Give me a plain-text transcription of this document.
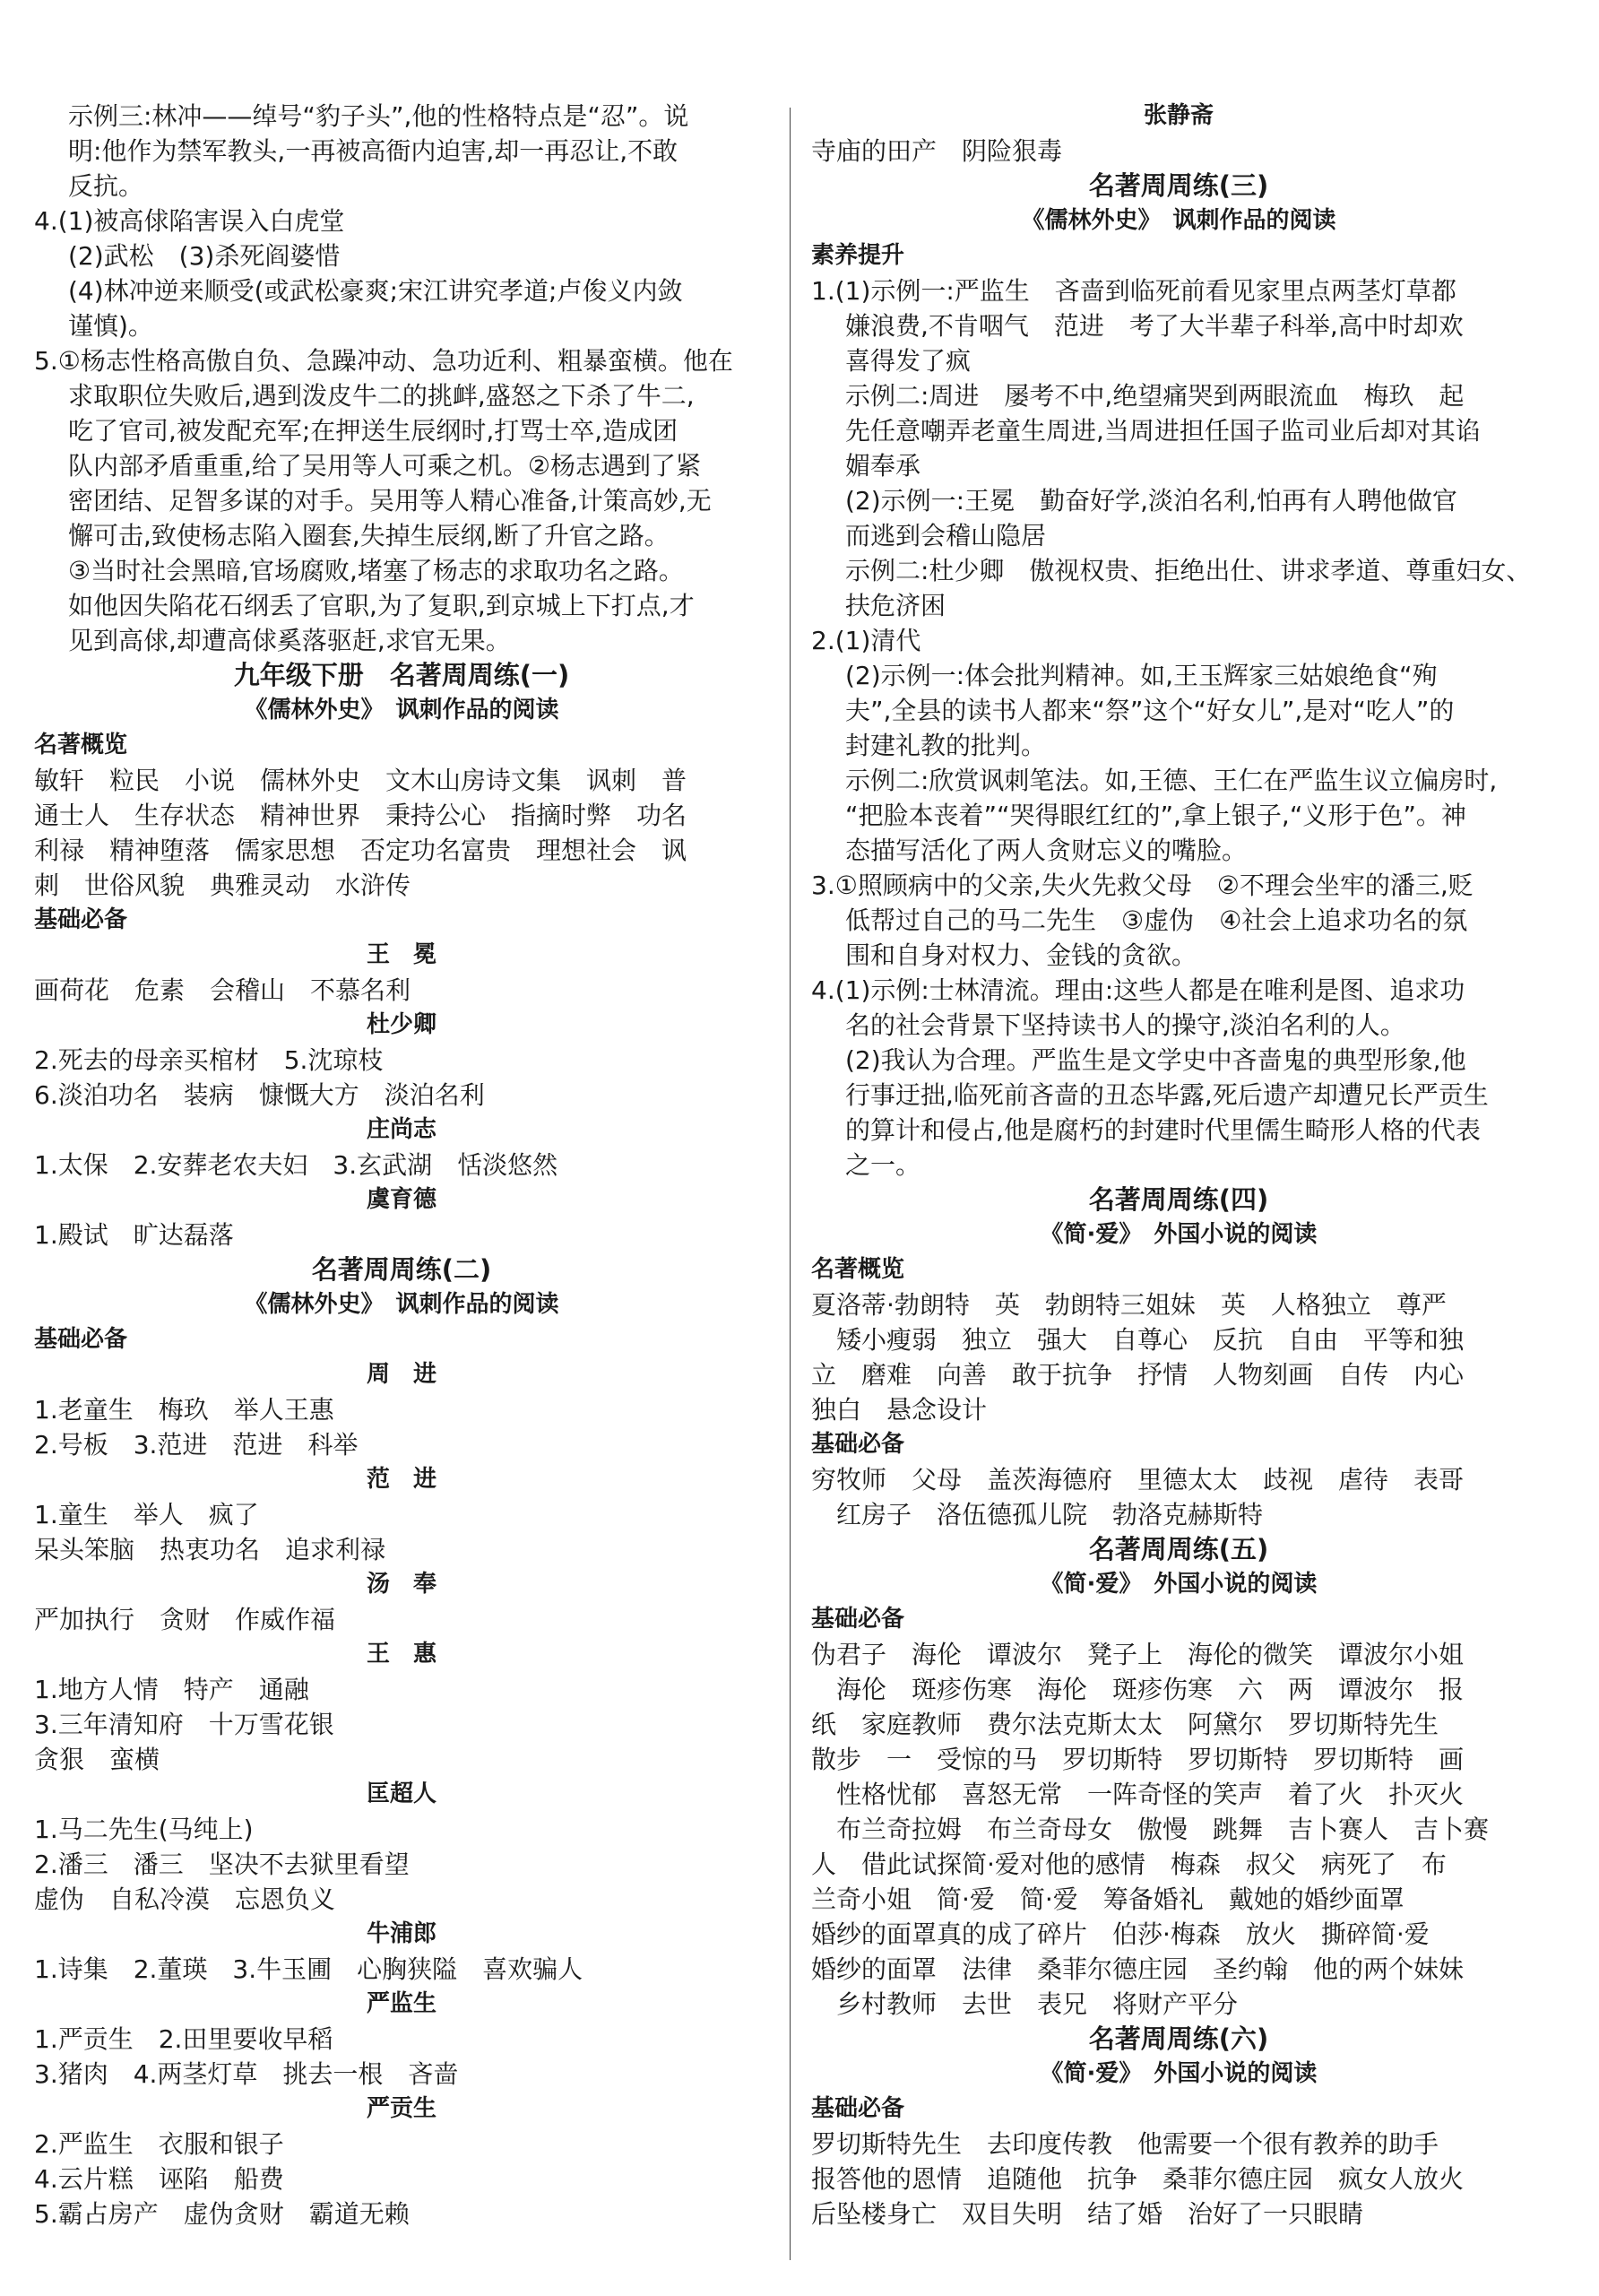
示例三:林冲——绰号“豹子头”,他的性格特点是“忍”。说
明:他作为禁军教头,一再被高衙内迫害,却一再忍让,不敢
反抗。
4.(1)被高俅陷害误入白虎堂
(2)武松　(3)杀死阎婆惜
(4)林冲逆来顺受(或武松豪爽;宋江讲究孝道;卢俊义内敛
谨慎)。
5.①杨志性格高傲自负、急躁冲动、急功近利、粗暴蛮横。他在
求取职位失败后,遇到泼皮牛二的挑衅,盛怒之下杀了牛二,
吃了官司,被发配充军;在押送生辰纲时,打骂士卒,造成团
队内部矛盾重重,给了吴用等人可乘之机。②杨志遇到了紧
密团结、足智多谋的对手。吴用等人精心准备,计策高妙,无
懈可击,致使杨志陷入圈套,失掉生辰纲,断了升官之路。
③当时社会黑暗,官场腐败,堵塞了杨志的求取功名之路。
如他因失陷花石纲丢了官职,为了复职,到京城上下打点,才
见到高俅,却遭高俅奚落驱赶,求官无果。
九年级下册　名著周周练(一)
《儒林外史》　讽刺作品的阅读
名著概览
敏轩　粒民　小说　儒林外史　文木山房诗文集　讽刺　普
通士人　生存状态　精神世界　秉持公心　指摘时弊　功名
利禄　精神堕落　儒家思想　否定功名富贵　理想社会　讽
刺　世俗风貌　典雅灵动　水浒传
基础必备
王　冕
画荷花　危素　会稽山　不慕名利
杜少卿
2.死去的母亲买棺材　5.沈琼枝
6.淡泊功名　装病　慷慨大方　淡泊名利
庄尚志
1.太保　2.安葬老农夫妇　3.玄武湖　恬淡悠然
虞育德
1.殿试　旷达磊落
名著周周练(二)
《儒林外史》　讽刺作品的阅读
基础必备
周　进
1.老童生　梅玖　举人王惠
2.号板　3.范进　范进　科举
范　进
1.童生　举人　疯了
呆头笨脑　热衷功名　追求利禄
汤　奉
严加执行　贪财　作威作福
王　惠
1.地方人情　特产　通融
3.三年清知府　十万雪花银
贪狠　蛮横
匡超人
1.马二先生(马纯上)
2.潘三　潘三　坚决不去狱里看望
虚伪　自私冷漠　忘恩负义
牛浦郎
1.诗集　2.董瑛　3.牛玉圃　心胸狭隘　喜欢骗人
严监生
1.严贡生　2.田里要收早稻
3.猪肉　4.两茎灯草　挑去一根　吝啬
严贡生
2.严监生　衣服和银子
4.云片糕　诬陷　船费
5.霸占房产　虚伪贪财　霸道无赖
张静斋
寺庙的田产　阴险狠毒
名著周周练(三)
《儒林外史》　讽刺作品的阅读
素养提升
1.(1)示例一:严监生　吝啬到临死前看见家里点两茎灯草都
嫌浪费,不肯咽气　范进　考了大半辈子科举,高中时却欢
喜得发了疯
示例二:周进　屡考不中,绝望痛哭到两眼流血　梅玖　起
先任意嘲弄老童生周进,当周进担任国子监司业后却对其谄
媚奉承
(2)示例一:王冕　勤奋好学,淡泊名利,怕再有人聘他做官
而逃到会稽山隐居
示例二:杜少卿　傲视权贵、拒绝出仕、讲求孝道、尊重妇女、
扶危济困
2.(1)清代
(2)示例一:体会批判精神。如,王玉辉家三姑娘绝食“殉
夫”,全县的读书人都来“祭”这个“好女儿”,是对“吃人”的
封建礼教的批判。
示例二:欣赏讽刺笔法。如,王德、王仁在严监生议立偏房时,
“把脸本丧着”“哭得眼红红的”,拿上银子,“义形于色”。神
态描写活化了两人贪财忘义的嘴脸。
3.①照顾病中的父亲,失火先救父母　②不理会坐牢的潘三,贬
低帮过自己的马二先生　③虚伪　④社会上追求功名的氛
围和自身对权力、金钱的贪欲。
4.(1)示例:士林清流。理由:这些人都是在唯利是图、追求功
名的社会背景下坚持读书人的操守,淡泊名利的人。
(2)我认为合理。严监生是文学史中吝啬鬼的典型形象,他
行事迂拙,临死前吝啬的丑态毕露,死后遗产却遭兄长严贡生
的算计和侵占,他是腐朽的封建时代里儒生畸形人格的代表
之一。
名著周周练(四)
《简·爱》　外国小说的阅读
名著概览
夏洛蒂·勃朗特　英　勃朗特三姐妹　英　人格独立　尊严
　矮小瘦弱　独立　强大　自尊心　反抗　自由　平等和独
立　磨难　向善　敢于抗争　抒情　人物刻画　自传　内心
独白　悬念设计
基础必备
穷牧师　父母　盖茨海德府　里德太太　歧视　虐待　表哥
　红房子　洛伍德孤儿院　勃洛克赫斯特
名著周周练(五)
《简·爱》　外国小说的阅读
基础必备
伪君子　海伦　谭波尔　凳子上　海伦的微笑　谭波尔小姐
　海伦　斑疹伤寒　海伦　斑疹伤寒　六　两　谭波尔　报
纸　家庭教师　费尔法克斯太太　阿黛尔　罗切斯特先生
散步　一　受惊的马　罗切斯特　罗切斯特　罗切斯特　画
　性格忧郁　喜怒无常　一阵奇怪的笑声　着了火　扑灭火
　布兰奇拉姆　布兰奇母女　傲慢　跳舞　吉卜赛人　吉卜赛
人　借此试探简·爱对他的感情　梅森　叔父　病死了　布
兰奇小姐　简·爱　简·爱　筹备婚礼　戴她的婚纱面罩
婚纱的面罩真的成了碎片　伯莎·梅森　放火　撕碎简·爱
婚纱的面罩　法律　桑菲尔德庄园　圣约翰　他的两个妹妹
　乡村教师　去世　表兄　将财产平分
名著周周练(六)
《简·爱》　外国小说的阅读
基础必备
罗切斯特先生　去印度传教　他需要一个很有教养的助手
报答他的恩情　追随他　抗争　桑菲尔德庄园　疯女人放火
后坠楼身亡　双目失明　结了婚　治好了一只眼睛
